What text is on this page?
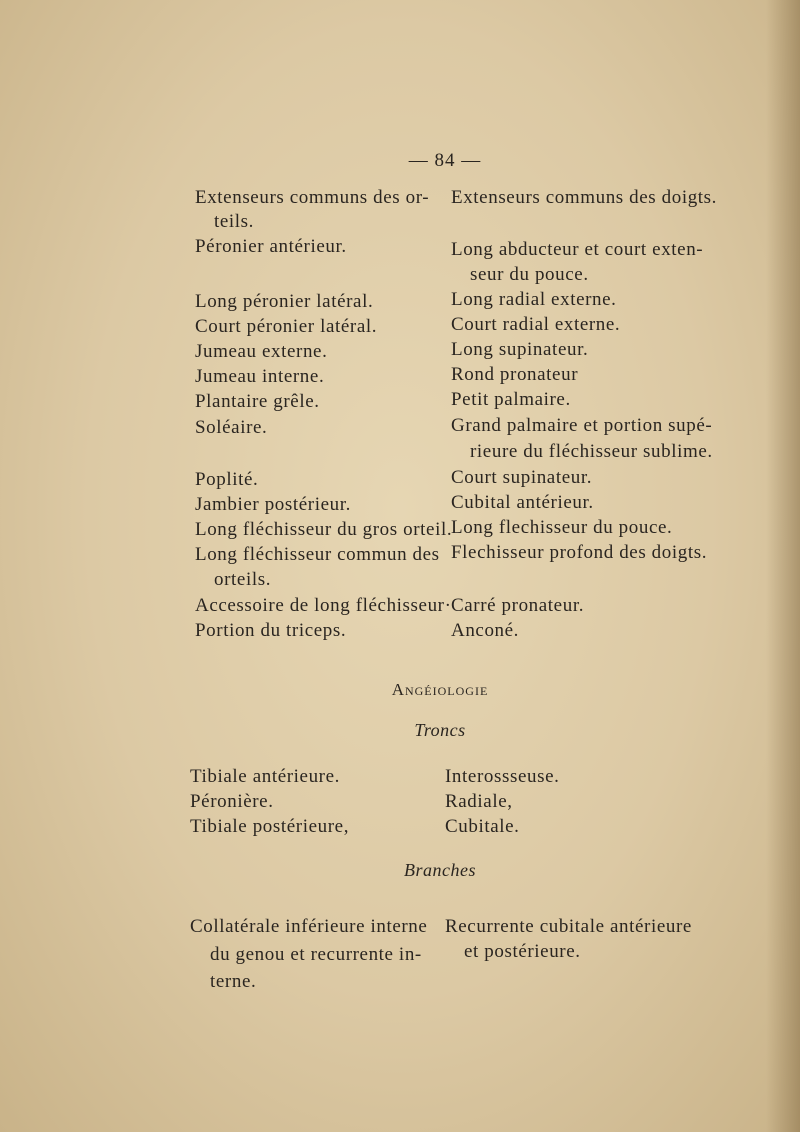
— 84 —
Extenseurs communs des or-
teils.
Péronier antérieur.
Long péronier latéral.
Court péronier latéral.
Jumeau externe.
Jumeau interne.
Plantaire grêle.
Soléaire.
Poplité.
Jambier postérieur.
Long fléchisseur du gros orteil.
Long fléchisseur commun des
orteils.
Accessoire de long fléchisseur·
Portion du triceps.
Extenseurs communs des doigts.
Long abducteur et court exten-
seur du pouce.
Long radial externe.
Court radial externe.
Long supinateur.
Rond pronateur
Petit palmaire.
Grand palmaire et portion supé-
rieure du fléchisseur sublime.
Court supinateur.
Cubital antérieur.
Long flechisseur du pouce.
Flechisseur profond des doigts.
Carré pronateur.
Anconé.
Angéiologie
Troncs
Tibiale antérieure.
Péronière.
Tibiale postérieure,
Interossseuse.
Radiale,
Cubitale.
Branches
Collatérale inférieure interne
du genou et recurrente in-
terne.
Recurrente cubitale antérieure
et postérieure.
